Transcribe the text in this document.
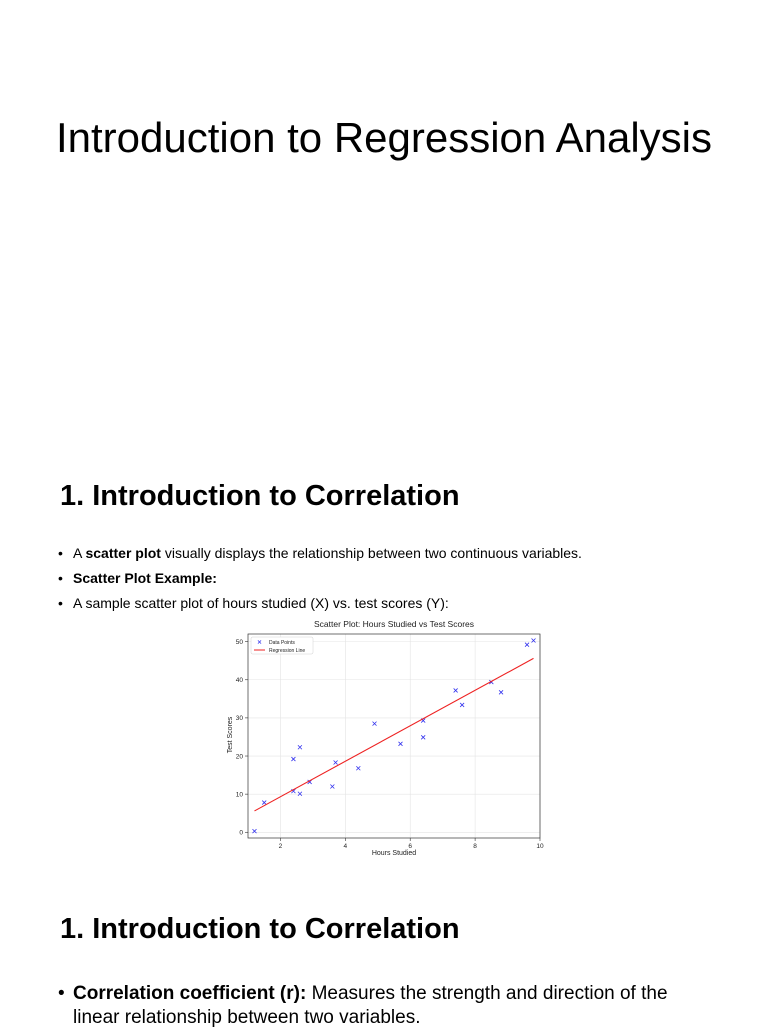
Introduction to Regression Analysis
1. Introduction to Correlation
• A scatter plot visually displays the relationship between two continuous variables.
• Scatter Plot Example:
• A sample scatter plot of hours studied (X) vs. test scores (Y):
Scatter Plot: Hours Studied vs Test Scores
2	4	6	8	10
0
10
20
30
40
50
Hours Studied
Test Scores
Data Points
Regression Line
1. Introduction to Correlation
• Correlation coefficient (r): Measures the strength and direction of the linear relationship between two variables.
